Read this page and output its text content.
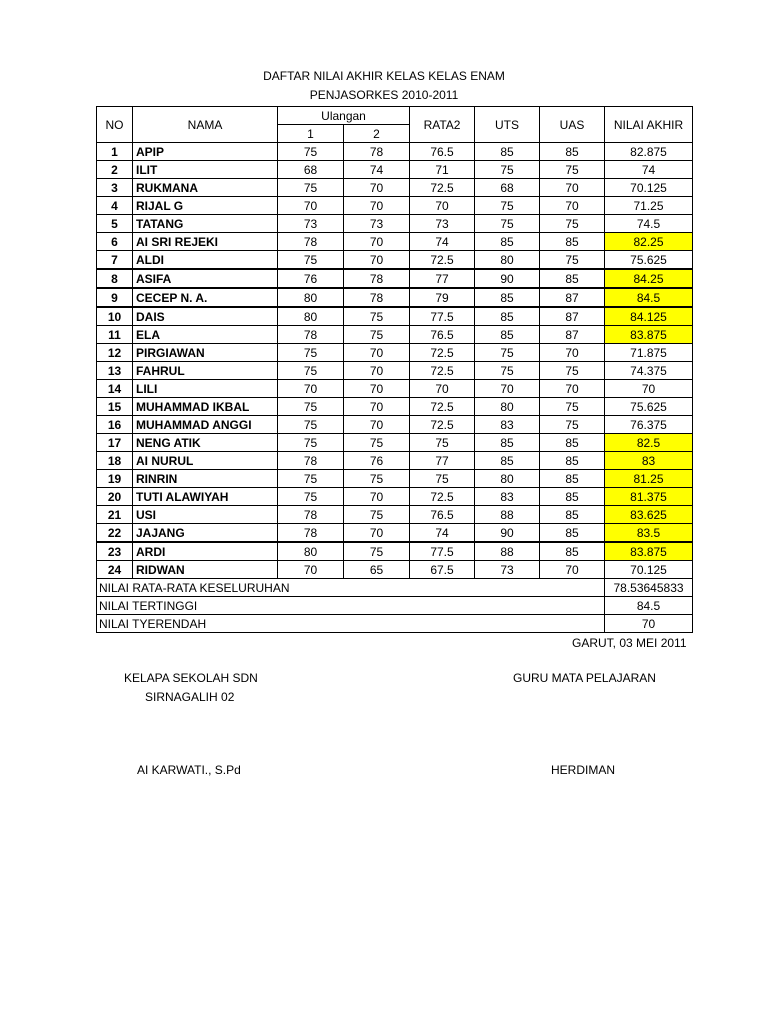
DAFTAR NILAI AKHIR KELAS KELAS ENAM
PENJASORKES 2010-2011
NO	NAMA	Ulangan		RATA2	UTS	UAS	NILAI AKHIR
		1	2				
1	APIP	75	78	76.5	85	85	82.875
2	ILIT	68	74	71	75	75	74
3	RUKMANA	75	70	72.5	68	70	70.125
4	RIJAL G	70	70	70	75	70	71.25
5	TATANG	73	73	73	75	75	74.5
6	AI SRI REJEKI	78	70	74	85	85	82.25
7	ALDI	75	70	72.5	80	75	75.625
8	ASIFA	76	78	77	90	85	84.25
9	CECEP N. A.	80	78	79	85	87	84.5
10	DAIS	80	75	77.5	85	87	84.125
11	ELA	78	75	76.5	85	87	83.875
12	PIRGIAWAN	75	70	72.5	75	70	71.875
13	FAHRUL	75	70	72.5	75	75	74.375
14	LILI	70	70	70	70	70	70
15	MUHAMMAD IKBAL	75	70	72.5	80	75	75.625
16	MUHAMMAD ANGGI	75	70	72.5	83	75	76.375
17	NENG ATIK	75	75	75	85	85	82.5
18	AI NURUL	78	76	77	85	85	83
19	RINRIN	75	75	75	80	85	81.25
20	TUTI ALAWIYAH	75	70	72.5	83	85	81.375
21	USI	78	75	76.5	88	85	83.625
22	JAJANG	78	70	74	90	85	83.5
23	ARDI	80	75	77.5	88	85	83.875
24	RIDWAN	70	65	67.5	73	70	70.125
NILAI RATA-RATA KESELURUHAN							78.53645833
NILAI TERTINGGI							84.5
NILAI TYERENDAH							70
GARUT, 03 MEI 2011
KELAPA SEKOLAH SDN
SIRNAGALIH 02
GURU MATA PELAJARAN
AI KARWATI., S.Pd	HERDIMAN
